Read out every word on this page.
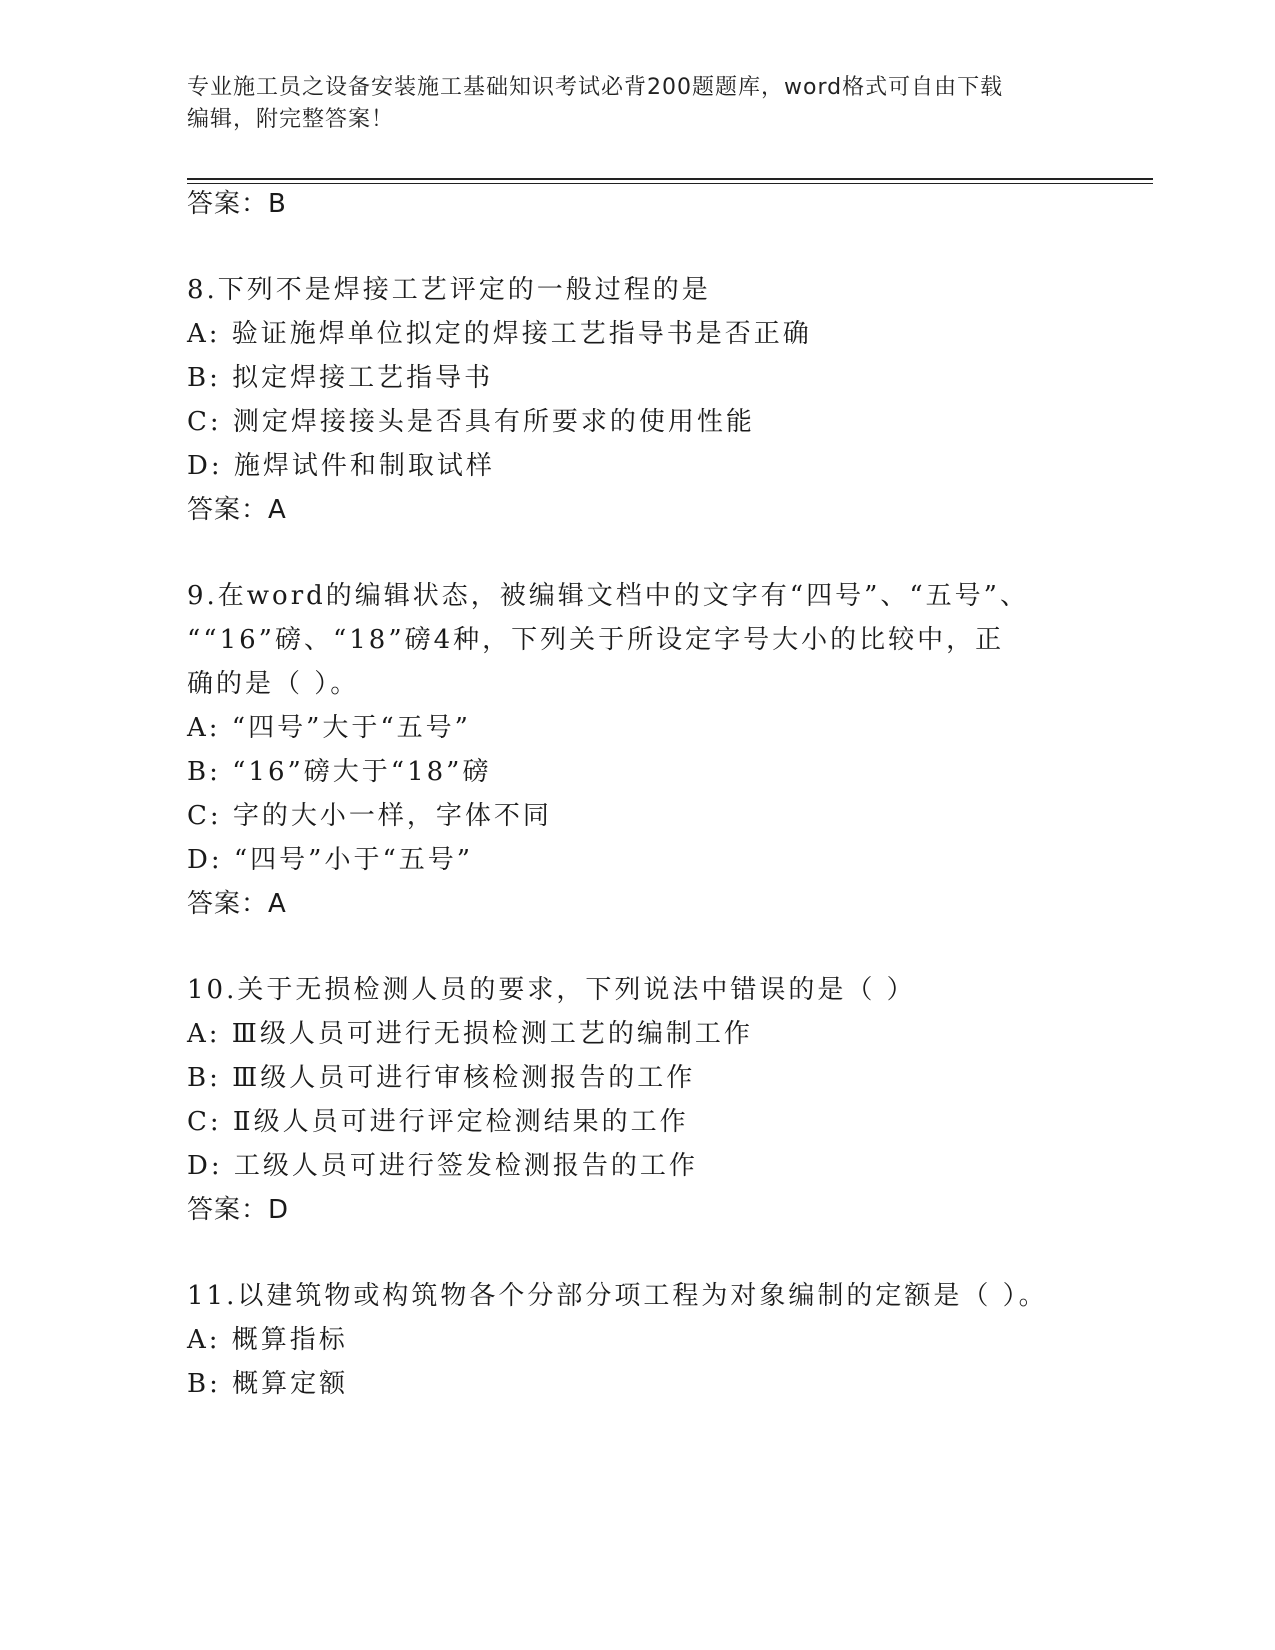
专业施工员之设备安装施工基础知识考试必背200题题库，word格式可自由下载
编辑，附完整答案！
答案：B
8.下列不是焊接工艺评定的一般过程的是
A: 验证施焊单位拟定的焊接工艺指导书是否正确
B: 拟定焊接工艺指导书
C: 测定焊接接头是否具有所要求的使用性能
D: 施焊试件和制取试样
答案：A
9.在word的编辑状态，被编辑文档中的文字有“四号”、“五号”、
““16”磅、“18”磅4种，下列关于所设定字号大小的比较中，正
确的是（ ）。
A: “四号”大于“五号”
B: “16”磅大于“18”磅
C: 字的大小一样，字体不同
D: “四号”小于“五号”
答案：A
10.关于无损检测人员的要求，下列说法中错误的是（ ）
A: Ⅲ级人员可进行无损检测工艺的编制工作
B: Ⅲ级人员可进行审核检测报告的工作
C: Ⅱ级人员可进行评定检测结果的工作
D: 工级人员可进行签发检测报告的工作
答案：D
11.以建筑物或构筑物各个分部分项工程为对象编制的定额是（ ）。
A: 概算指标
B: 概算定额
